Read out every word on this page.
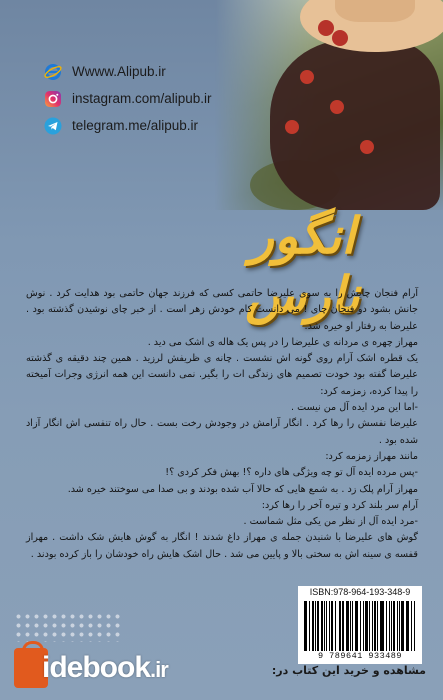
Wwww.Alipub.ir
instagram.com/alipub.ir
telegram.me/alipub.ir
انگور نارس

آرام فنجان چایش را به سوی علیرضا حاتمی کسی که فرزند جهان حاتمی بود هدایت کرد . نوش جانش بشود دو فنجان چای ! می دانست کام خودش زهر است . از خبر چای نوشیدن گذشته بود . علیرضا به رفتار او خیره شد.

مهراز چهره ی مردانه ی علیرضا را در پس یک هاله ی اشک می دید .

یک قطره اشک آرام روی گونه اش نشست . چانه ی ظریفش لرزید . همین چند دقیقه ی گذشته علیرضا گفته بود خودت تصمیم های زندگی ات را بگیر. نمی دانست این همه انرژی وجرات آمیخته را پیدا کرده، زمزمه کرد:

-اما این مرد ایده آل من نیست .

علیرضا نفسش را رها کرد . انگار آرامش در وجودش رخت بست . حال راه تنفسی اش انگار آزاد شده بود .

مانند مهراز زمزمه کرد:

-پس مرده ایده آل تو چه ویژگی های داره ؟! بهش فکر کردی ؟!

مهراز آرام پلک زد . به شمع هایی که حالا آب شده بودند و بی صدا می سوختند خیره شد.

آرام سر بلند کرد و تیره آخر را رها کرد:

-مرد ایده آل از نظر من یکی مثل شماست .

گوش های علیرضا با شنیدن جمله ی مهراز داغ شدند ! انگار به گوش هایش شک داشت . مهراز قفسه ی سینه اش به سختی بالا و پایین می شد . حال اشک هایش راه خودشان را باز کرده بودند .

ISBN:978-964-193-348-9
9 789641 933489
idebook.ir	مشاهده و خرید این کتاب در:
